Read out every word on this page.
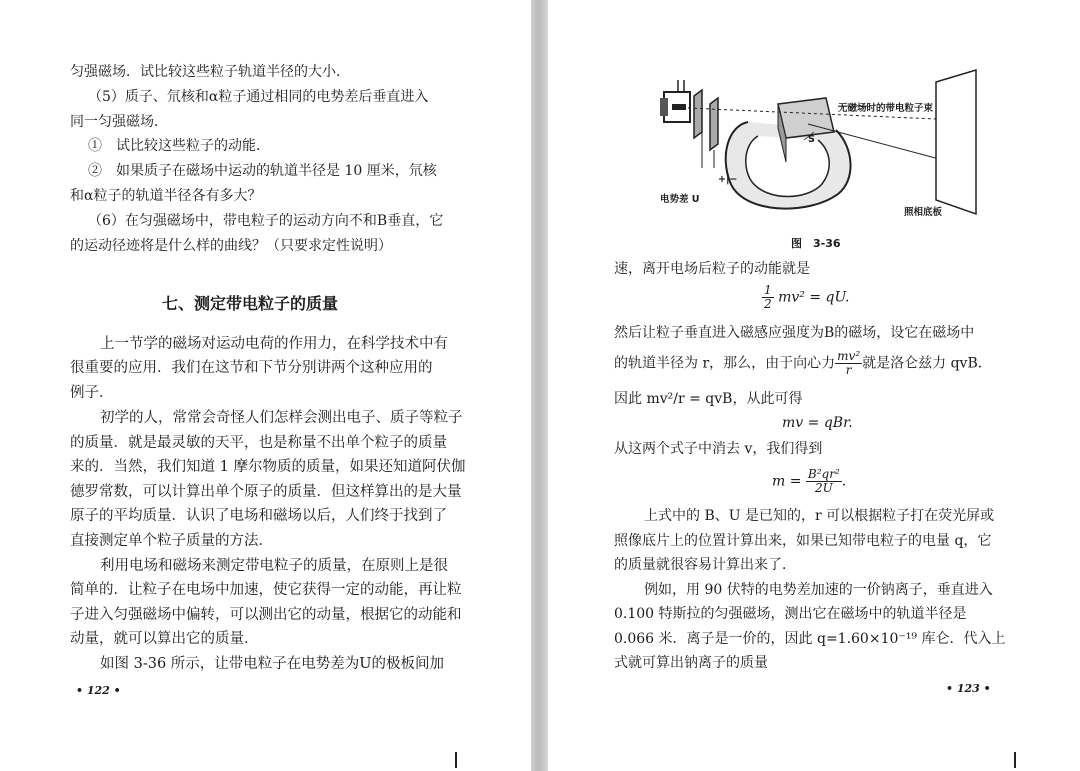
匀强磁场．试比较这些粒子轨道半径的大小．
（5）质子、氘核和α粒子通过相同的电势差后垂直进入
同一匀强磁场．
①　试比较这些粒子的动能．
②　如果质子在磁场中运动的轨道半径是 10 厘米，氘核
和α粒子的轨道半径各有多大？
（6）在匀强磁场中，带电粒子的运动方向不和B垂直，它
的运动径迹将是什么样的曲线？（只要求定性说明）
七、测定带电粒子的质量
上一节学的磁场对运动电荷的作用力，在科学技术中有
很重要的应用．我们在这节和下节分别讲两个这种应用的
例子．
初学的人，常常会奇怪人们怎样会测出电子、质子等粒子
的质量．就是最灵敏的天平，也是称量不出单个粒子的质量
来的．当然，我们知道 1 摩尔物质的质量，如果还知道阿伏伽
德罗常数，可以计算出单个原子的质量．但这样算出的是大量
原子的平均质量．认识了电场和磁场以后，人们终于找到了
直接测定单个粒子质量的方法．
利用电场和磁场来测定带电粒子的质量，在原则上是很
简单的．让粒子在电场中加速，使它获得一定的动能，再让粒
子进入匀强磁场中偏转，可以测出它的动量，根据它的动能和
动量，就可以算出它的质量．
如图 3-36 所示，让带电粒子在电势差为U的极板间加
• 122 •
无磁场时的带电粒子束
S
+|−
电势差 U
照相底板
图　3-36
速，离开电场后粒子的动能就是
$\frac{1}{2} mv^2$ = qU.
然后让粒子垂直进入磁感应强度为B的磁场，设它在磁场中
的轨道半径为 r，那么，由于向心力 $\frac{\text{mv²}}{r}$ 就是洛仑兹力 qvB．
因此 mv²/r = qvB，从此可得
mv = qBr.
从这两个式子中消去 v，我们得到
$m = \frac{\text{B²qr²}}{2U}$ .
上式中的 B、U 是已知的，r 可以根据粒子打在荧光屏或
照像底片上的位置计算出来，如果已知带电粒子的电量 q，它
的质量就很容易计算出来了．
例如，用 90 伏特的电势差加速的一价钠离子，垂直进入
0.100 特斯拉的匀强磁场，测出它在磁场中的轨道半径是
0.066 米．离子是一价的，因此 q=1.60×10⁻¹⁹ 库仑．代入上
式就可算出钠离子的质量
• 123 •
